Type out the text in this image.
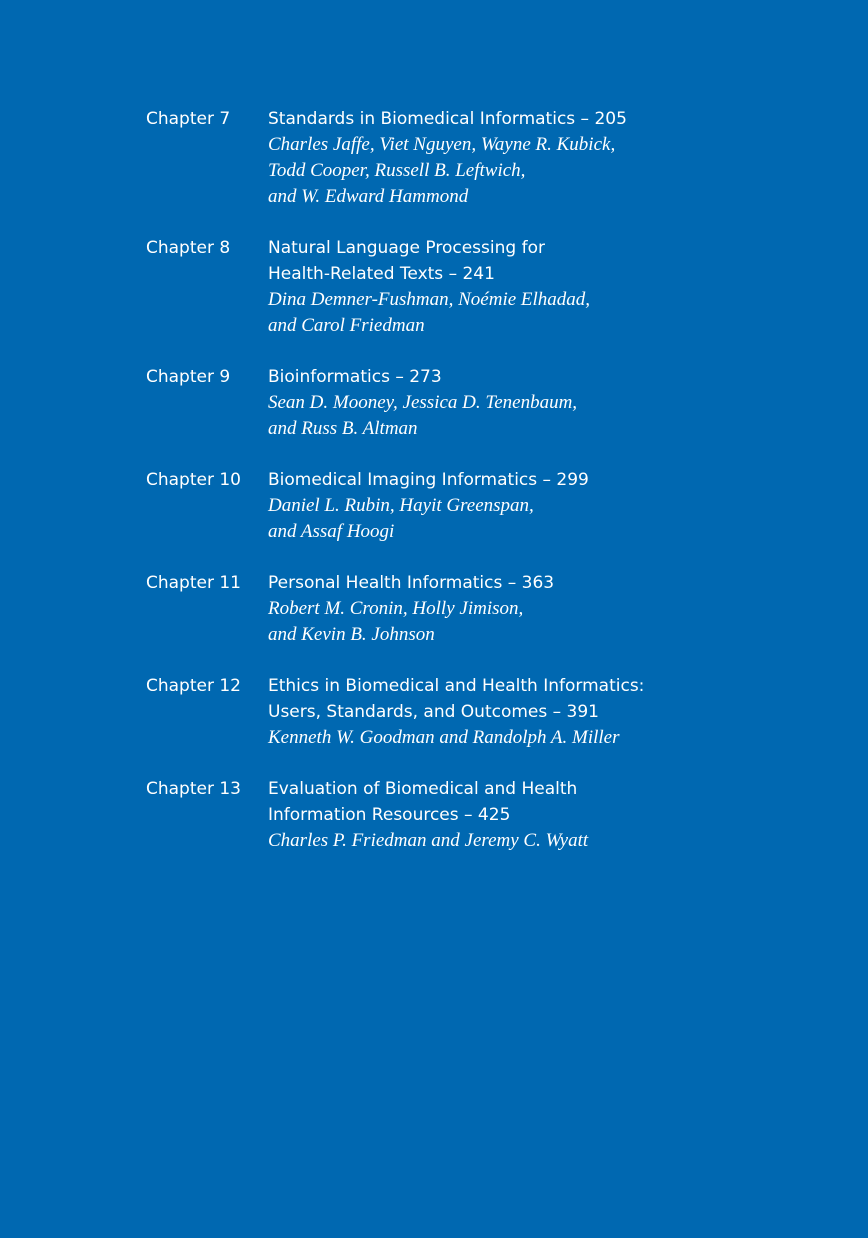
Chapter 7	Standards in Biomedical Informatics – 205

Charles Jaffe, Viet Nguyen, Wayne R. Kubick,

Todd Cooper, Russell B. Leftwich,

and W. Edward Hammond

Chapter 8	Natural Language Processing for

Health-Related Texts – 241

Dina Demner-Fushman, Noémie Elhadad,

and Carol Friedman

Chapter 9	Bioinformatics – 273

Sean D. Mooney, Jessica D. Tenenbaum,

and Russ B. Altman

Chapter 10	Biomedical Imaging Informatics – 299

Daniel L. Rubin, Hayit Greenspan,

and Assaf Hoogi

Chapter 11	Personal Health Informatics – 363

Robert M. Cronin, Holly Jimison,

and Kevin B. Johnson

Chapter 12	Ethics in Biomedical and Health Informatics:

Users, Standards, and Outcomes – 391

Kenneth W. Goodman and Randolph A. Miller

Chapter 13	Evaluation of Biomedical and Health

Information Resources – 425

Charles P. Friedman and Jeremy C. Wyatt
